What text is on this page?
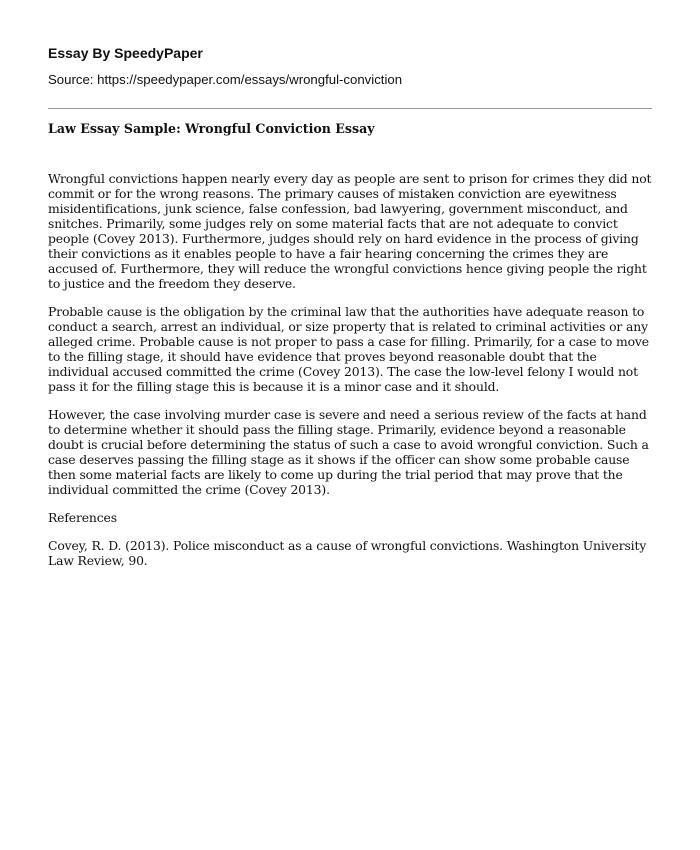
Essay By SpeedyPaper

Source: https://speedypaper.com/essays/wrongful-conviction

Law Essay Sample: Wrongful Conviction Essay

Wrongful convictions happen nearly every day as people are sent to prison for crimes they did not commit or for the wrong reasons. The primary causes of mistaken conviction are eyewitness misidentifications, junk science, false confession, bad lawyering, government misconduct, and snitches. Primarily, some judges rely on some material facts that are not adequate to convict people (Covey 2013). Furthermore, judges should rely on hard evidence in the process of giving their convictions as it enables people to have a fair hearing concerning the crimes they are accused of. Furthermore, they will reduce the wrongful convictions hence giving people the right to justice and the freedom they deserve.

Probable cause is the obligation by the criminal law that the authorities have adequate reason to conduct a search, arrest an individual, or size property that is related to criminal activities or any alleged crime. Probable cause is not proper to pass a case for filling. Primarily, for a case to move to the filling stage, it should have evidence that proves beyond reasonable doubt that the individual accused committed the crime (Covey 2013). The case the low-level felony I would not pass it for the filling stage this is because it is a minor case and it should.

However, the case involving murder case is severe and need a serious review of the facts at hand to determine whether it should pass the filling stage. Primarily, evidence beyond a reasonable doubt is crucial before determining the status of such a case to avoid wrongful conviction. Such a case deserves passing the filling stage as it shows if the officer can show some probable cause then some material facts are likely to come up during the trial period that may prove that the individual committed the crime (Covey 2013).

References

Covey, R. D. (2013). Police misconduct as a cause of wrongful convictions. Washington University Law Review, 90.
